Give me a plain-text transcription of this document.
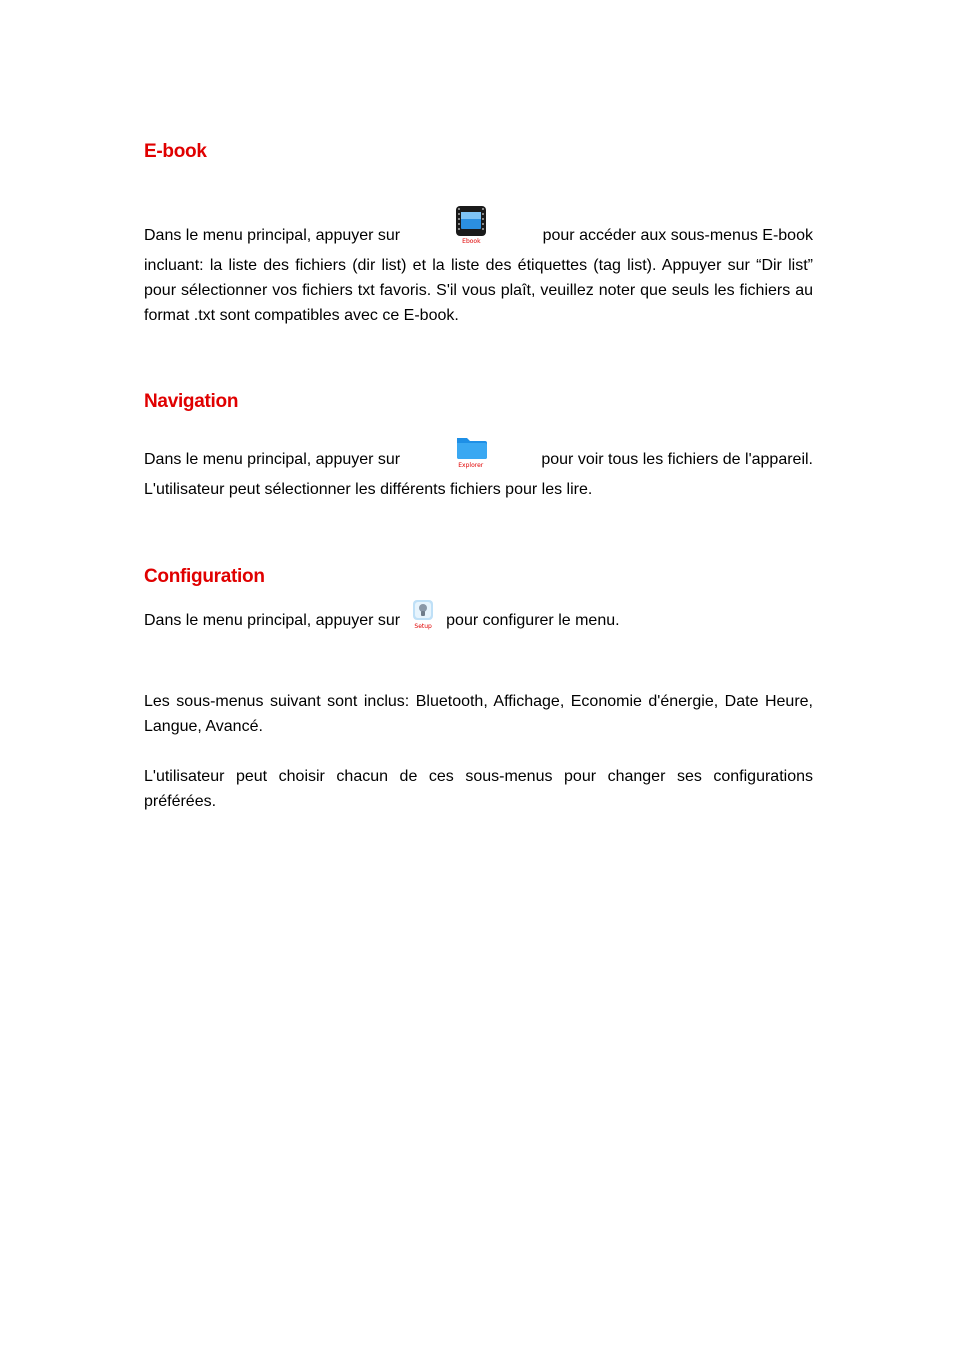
E-book
Dans le menu principal, appuyer sur	Ebook	pour accéder aux sous-menus E-book

incluant: la liste des fichiers (dir list) et la liste des étiquettes (tag list). Appuyer sur “Dir list” pour sélectionner vos fichiers txt favoris. S'il vous plaît, veuillez noter que seuls les fichiers au format .txt sont compatibles avec ce E-book.

Navigation
Dans le menu principal, appuyer sur	Explorer	pour voir tous les fichiers de l'appareil.

L'utilisateur peut sélectionner les différents fichiers pour les lire.

Configuration
Dans le menu principal, appuyer sur Setup pour configurer le menu.

Les sous-menus suivant sont inclus: Bluetooth, Affichage, Economie d'énergie, Date Heure, Langue, Avancé.

L'utilisateur peut choisir chacun de ces sous-menus pour changer ses configurations préférées.
